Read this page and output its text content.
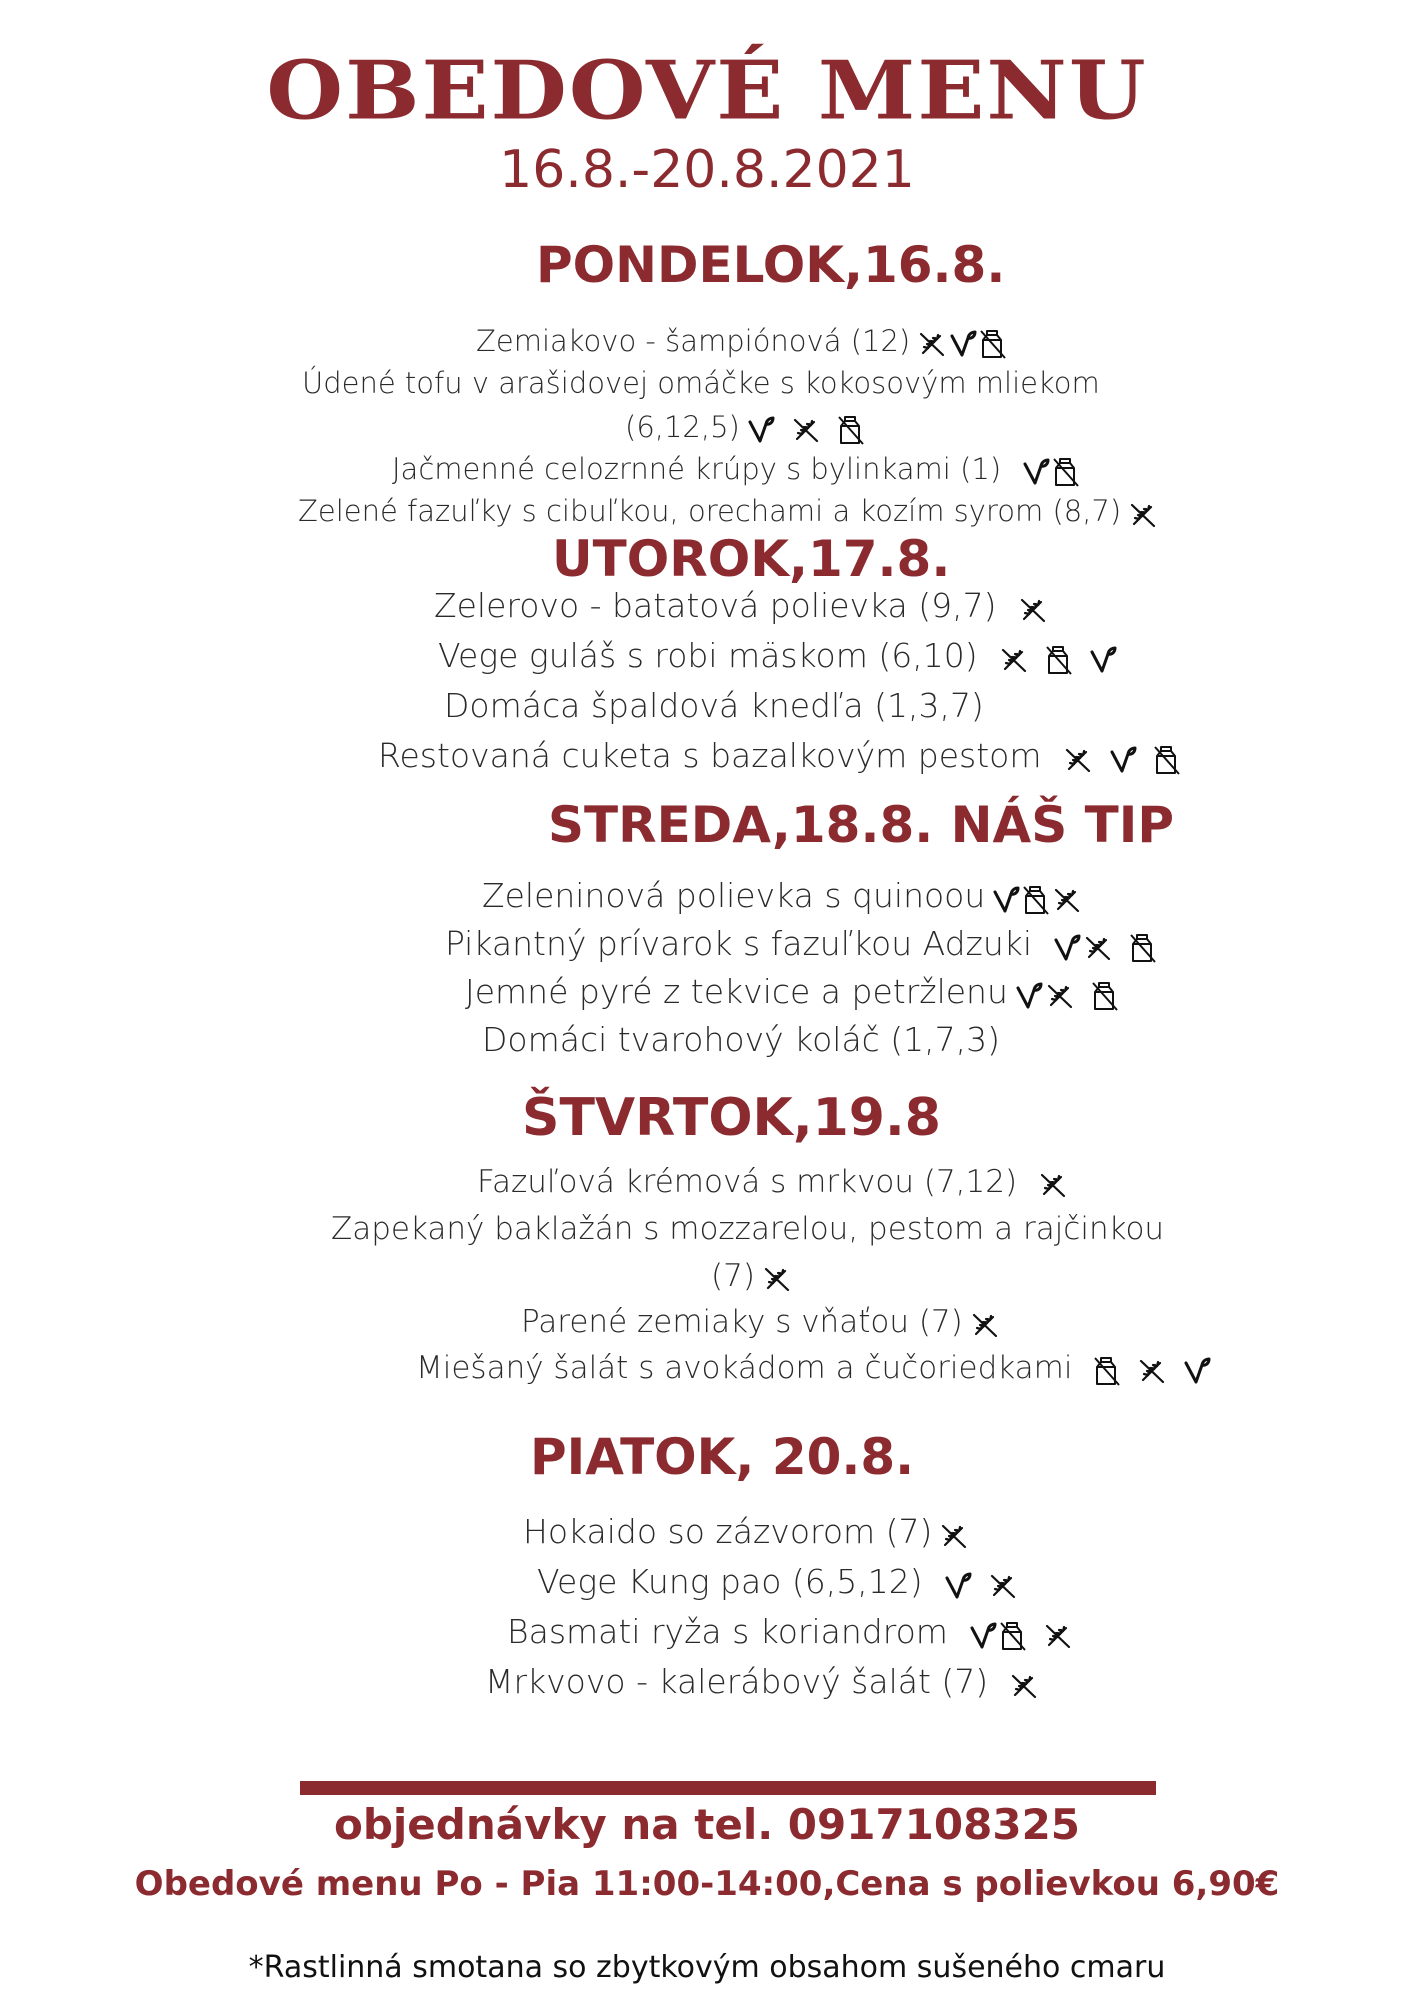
OBEDOVÉ MENU
16.8.-20.8.2021
PONDELOK,16.8.
Zemiakovo - šampiónová (12)
Údené tofu v arašidovej omáčke s kokosovým mliekom
(6,12,5)
Jačmenné celozrnné krúpy s bylinkami (1)
Zelené fazuľky s cibuľkou, orechami a kozím syrom (8,7)
UTOROK,17.8.
Zelerovo - batatová polievka (9,7)
Vege guláš s robi mäskom (6,10)
Domáca špaldová knedľa (1,3,7)
Restovaná cuketa s bazalkovým pestom
STREDA,18.8. NÁŠ TIP
Zeleninová polievka s quinoou
Pikantný prívarok s fazuľkou Adzuki
Jemné pyré z tekvice a petržlenu
Domáci tvarohový koláč (1,7,3)
ŠTVRTOK,19.8
Fazuľová krémová s mrkvou (7,12)
Zapekaný baklažán s mozzarelou, pestom a rajčinkou
(7)
Parené zemiaky s vňaťou (7)
Miešaný šalát s avokádom a čučoriedkami
PIATOK, 20.8.
Hokaido so zázvorom (7)
Vege Kung pao (6,5,12)
Basmati ryža s koriandrom
Mrkvovo - kalerábový šalát (7)
objednávky na tel. 0917108325
Obedové menu Po - Pia 11:00-14:00,Cena s polievkou 6,90€
*Rastlinná smotana so zbytkovým obsahom sušeného cmaru
